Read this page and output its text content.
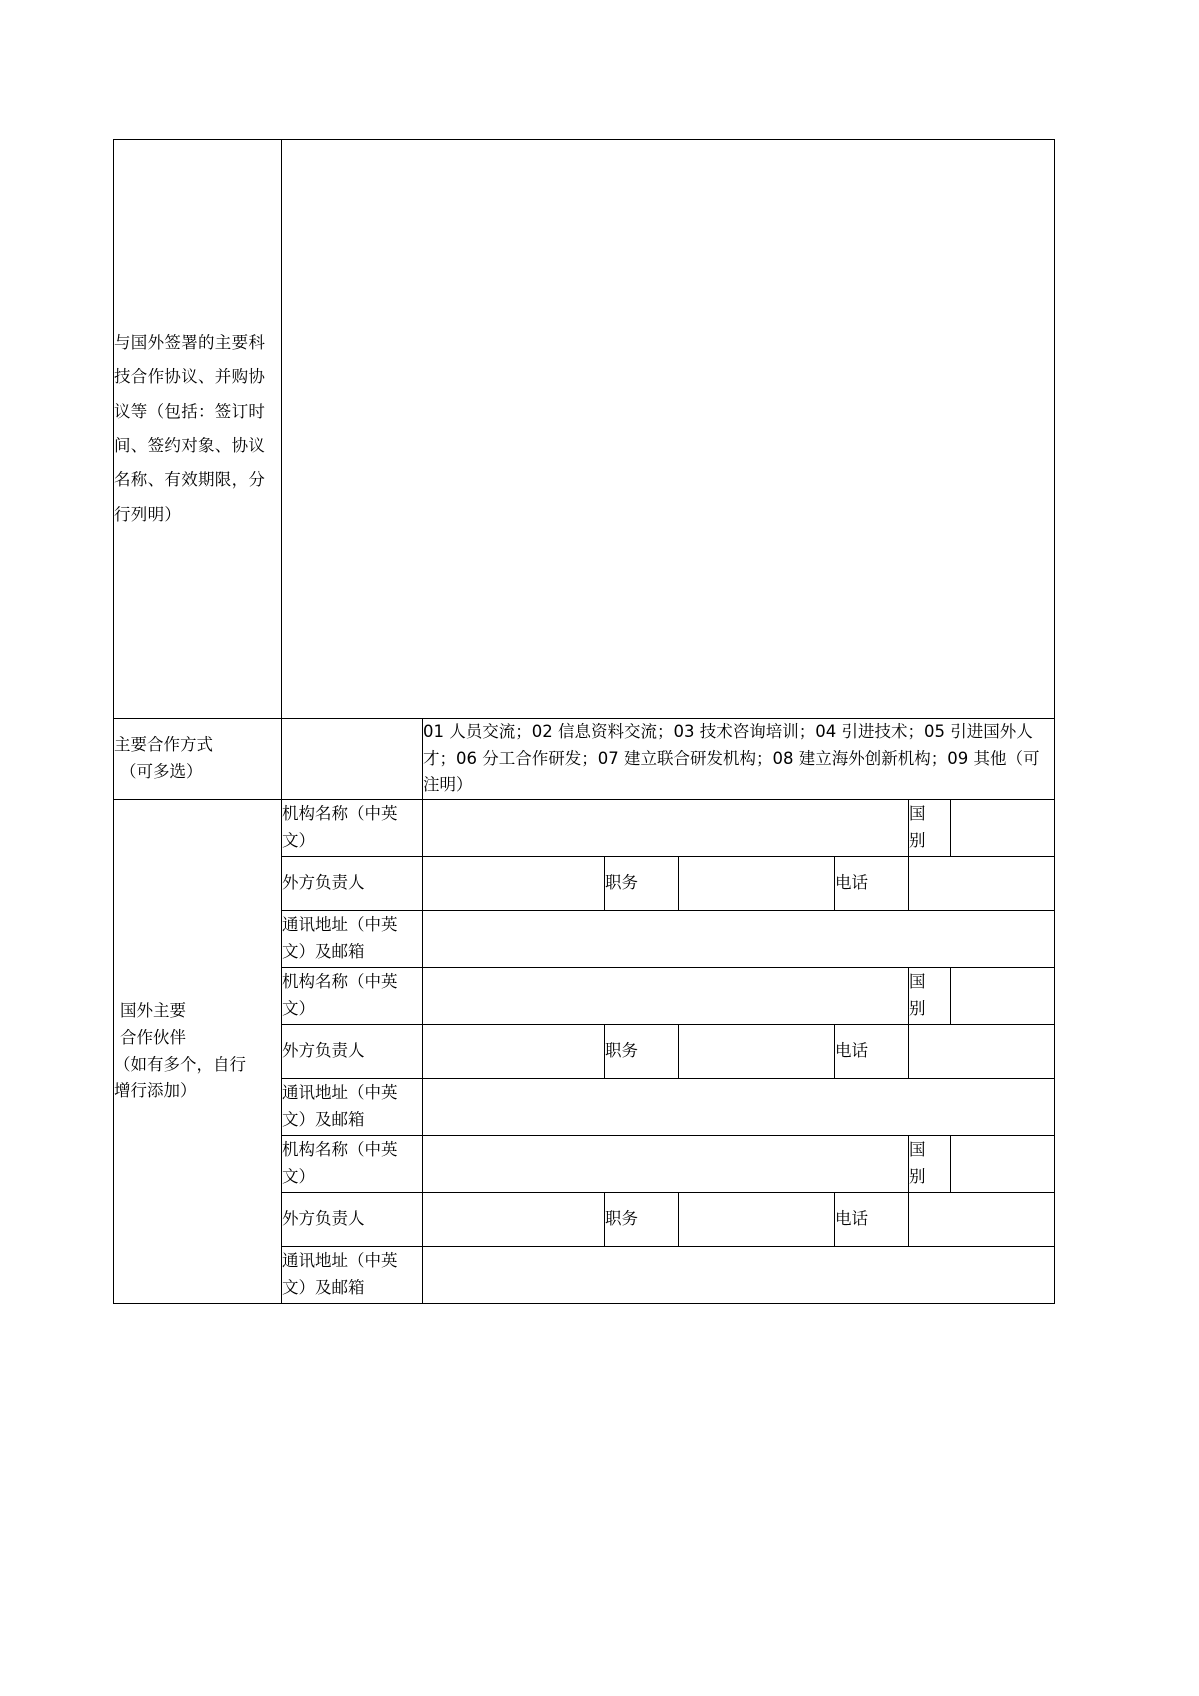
与国外签署的主要科技合作协议、并购协议等（包括：签订时间、签约对象、协议名称、有效期限，分行列明）							

主要合作方式
（可多选）		01 人员交流；02 信息资料交流；03 技术咨询培训；04 引进技术；05 引进国外人才；06 分工合作研发；07 建立联合研发机构；08 建立海外创新机构；09 其他（可注明）					

国外主要
合作伙伴
（如有多个，自行
增行添加）	机构名称（中英文）					国
别	

	外方负责人		职务		电话		
	通讯地址（中英文）及邮箱						
	机构名称（中英文）					国
别	

	外方负责人		职务		电话		
	通讯地址（中英文）及邮箱						
	机构名称（中英文）					国
别	

	外方负责人		职务		电话		
	通讯地址（中英文）及邮箱						
